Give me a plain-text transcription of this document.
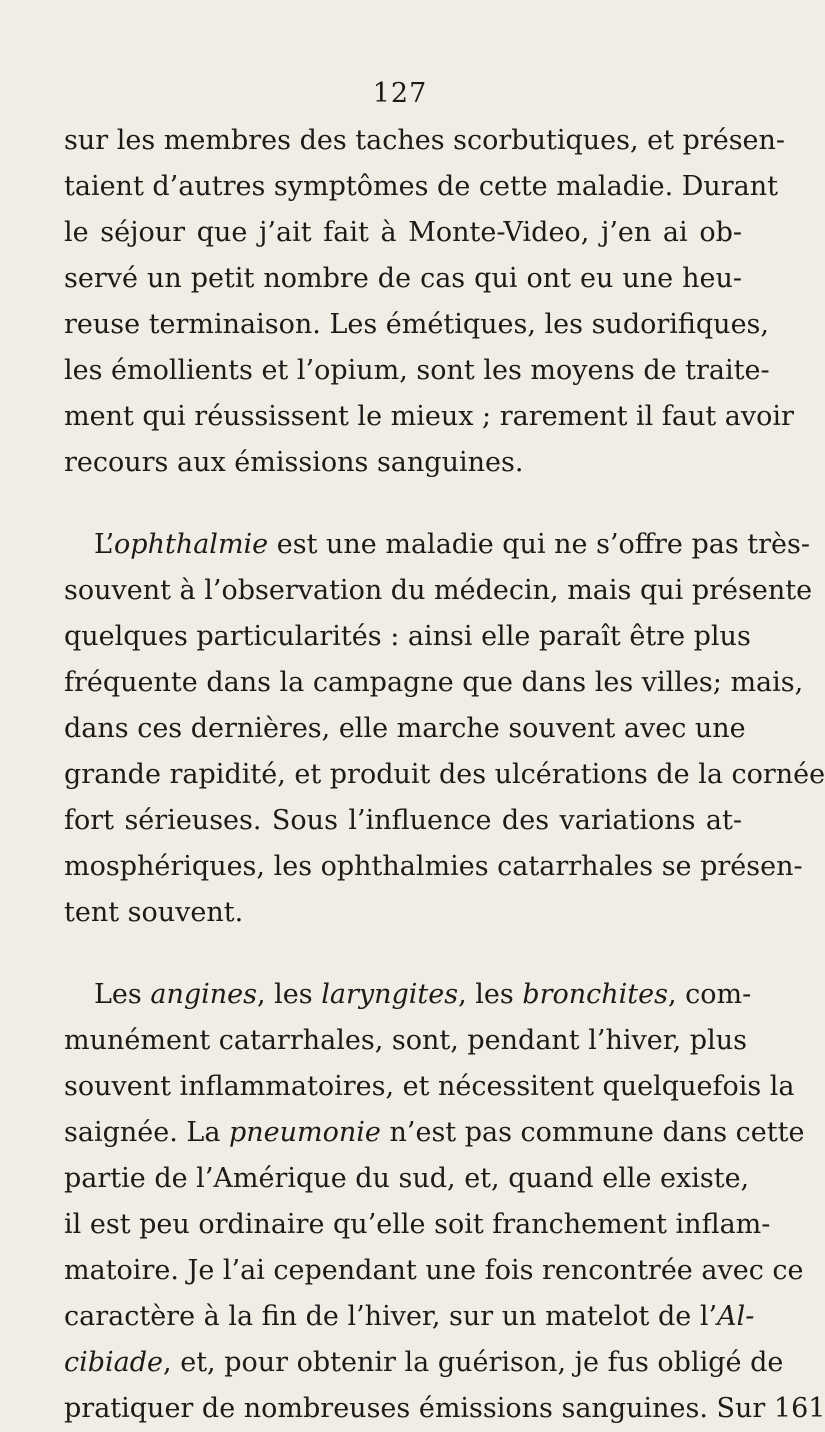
127
sur les membres des taches scorbutiques, et présen-
taient d’autres symptômes de cette maladie. Durant
le séjour que j’ait fait à Monte-Video, j’en ai ob-
servé un petit nombre de cas qui ont eu une heu-
reuse terminaison. Les émétiques, les sudorifiques,
les émollients et l’opium, sont les moyens de traite-
ment qui réussissent le mieux ; rarement il faut avoir
recours aux émissions sanguines.
L’ophthalmie est une maladie qui ne s’offre pas très-
souvent à l’observation du médecin, mais qui présente
quelques particularités : ainsi elle paraît être plus
fréquente dans la campagne que dans les villes; mais,
dans ces dernières, elle marche souvent avec une
grande rapidité, et produit des ulcérations de la cornée
fort sérieuses. Sous l’influence des variations at-
mosphériques, les ophthalmies catarrhales se présen-
tent souvent.
Les angines, les laryngites, les bronchites, com-
munément catarrhales, sont, pendant l’hiver, plus
souvent inflammatoires, et nécessitent quelquefois la
saignée. La pneumonie n’est pas commune dans cette
partie de l’Amérique du sud, et, quand elle existe,
il est peu ordinaire qu’elle soit franchement inflam-
matoire. Je l’ai cependant une fois rencontrée avec ce
caractère à la fin de l’hiver, sur un matelot de l’Al-
cibiade, et, pour obtenir la guérison, je fus obligé de
pratiquer de nombreuses émissions sanguines. Sur 161
